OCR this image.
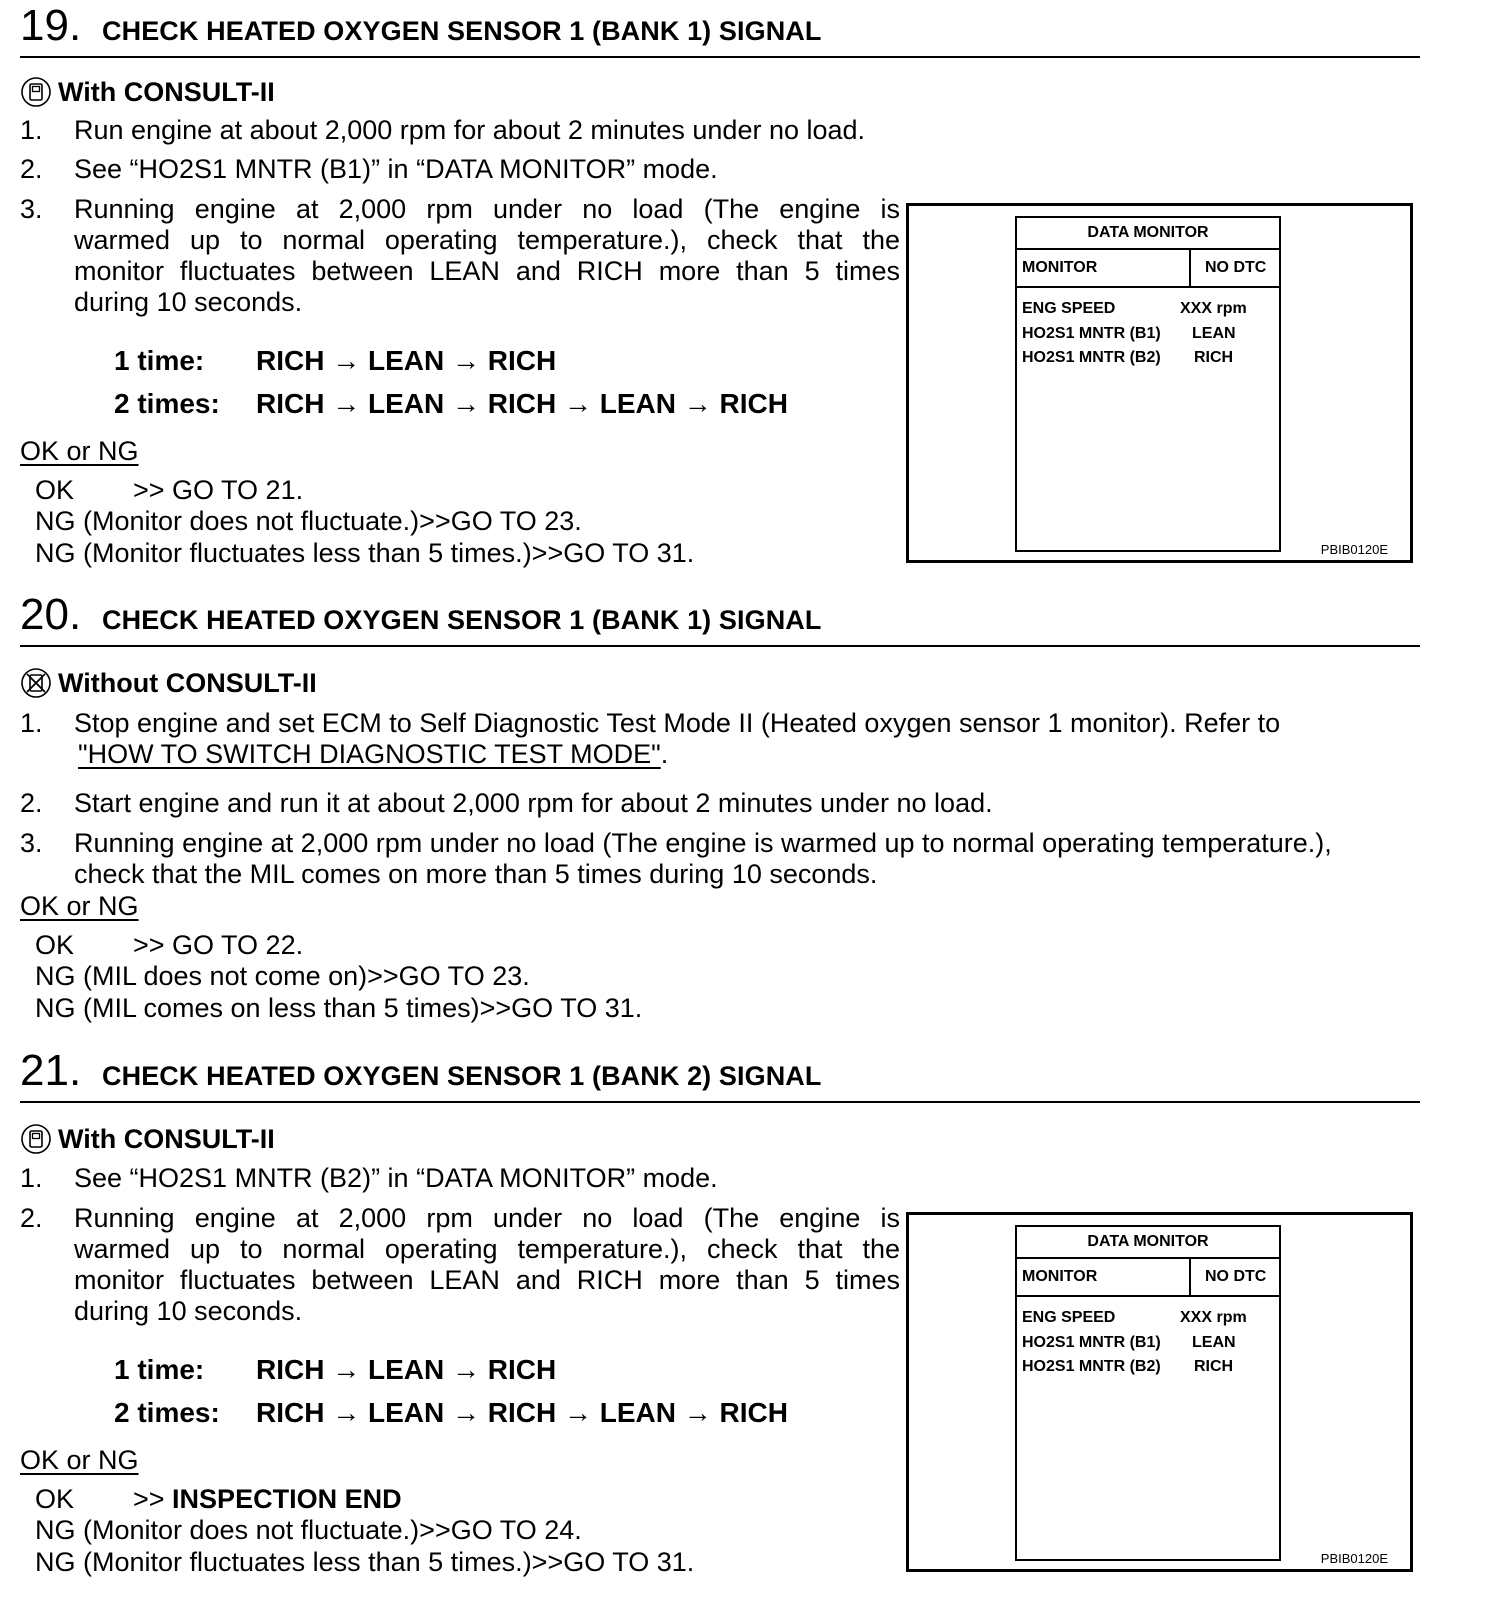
19. CHECK HEATED OXYGEN SENSOR 1 (BANK 1) SIGNAL
With CONSULT-II
1. Run engine at about 2,000 rpm for about 2 minutes under no load.
2. See “HO2S1 MNTR (B1)” in “DATA MONITOR” mode.
3. Running engine at 2,000 rpm under no load (The engine is
warmed up to normal operating temperature.), check that the
monitor fluctuates between LEAN and RICH more than 5 times
during 10 seconds.
1 time: RICH → LEAN → RICH
2 times: RICH → LEAN → RICH → LEAN → RICH
OK or NG
OK >> GO TO 21.
NG (Monitor does not fluctuate.)>>GO TO 23.
NG (Monitor fluctuates less than 5 times.)>>GO TO 31.
DATA MONITOR
MONITOR	NO DTC
ENG SPEED	XXX rpm
HO2S1 MNTR (B1) LEAN
HO2S1 MNTR (B2) RICH
PBIB0120E
20. CHECK HEATED OXYGEN SENSOR 1 (BANK 1) SIGNAL
Without CONSULT-II
1. Stop engine and set ECM to Self Diagnostic Test Mode II (Heated oxygen sensor 1 monitor). Refer to
"HOW TO SWITCH DIAGNOSTIC TEST MODE".
2. Start engine and run it at about 2,000 rpm for about 2 minutes under no load.
3. Running engine at 2,000 rpm under no load (The engine is warmed up to normal operating temperature.),
check that the MIL comes on more than 5 times during 10 seconds.
OK or NG
OK >> GO TO 22.
NG (MIL does not come on)>>GO TO 23.
NG (MIL comes on less than 5 times)>>GO TO 31.
21. CHECK HEATED OXYGEN SENSOR 1 (BANK 2) SIGNAL
With CONSULT-II
1. See “HO2S1 MNTR (B2)” in “DATA MONITOR” mode.
2. Running engine at 2,000 rpm under no load (The engine is
warmed up to normal operating temperature.), check that the
monitor fluctuates between LEAN and RICH more than 5 times
during 10 seconds.
1 time: RICH → LEAN → RICH
2 times: RICH → LEAN → RICH → LEAN → RICH
OK or NG
OK >> INSPECTION END
NG (Monitor does not fluctuate.)>>GO TO 24.
NG (Monitor fluctuates less than 5 times.)>>GO TO 31.
DATA MONITOR
MONITOR	NO DTC
ENG SPEED	XXX rpm
HO2S1 MNTR (B1) LEAN
HO2S1 MNTR (B2) RICH
PBIB0120E
